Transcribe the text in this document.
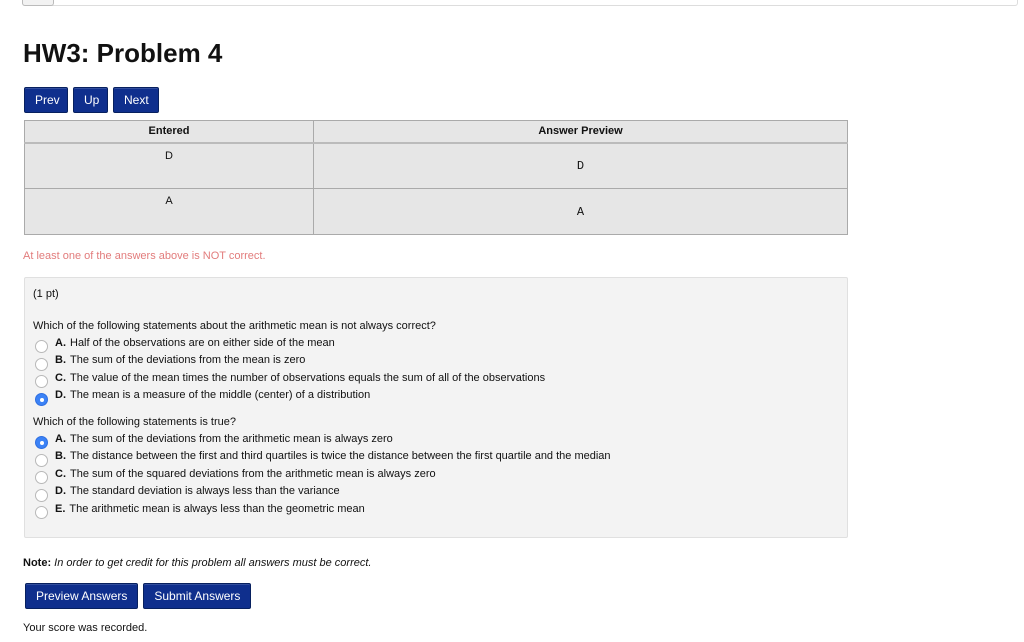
HW3: Problem 4
Prev	Up	Next
Entered	Answer Preview
D	D
A	A

At least one of the answers above is NOT correct.

(1 pt)

Which of the following statements about the arithmetic mean is not always correct?

A. Half of the observations are on either side of the mean
B. The sum of the deviations from the mean is zero
C. The value of the mean times the number of observations equals the sum of all of the observations
D. The mean is a measure of the middle (center) of a distribution

Which of the following statements is true?

A. The sum of the deviations from the arithmetic mean is always zero
B. The distance between the first and third quartiles is twice the distance between the first quartile and the median
C. The sum of the squared deviations from the arithmetic mean is always zero
D. The standard deviation is always less than the variance
E. The arithmetic mean is always less than the geometric mean

Note: In order to get credit for this problem all answers must be correct.

Preview Answers	Submit Answers

Your score was recorded.
